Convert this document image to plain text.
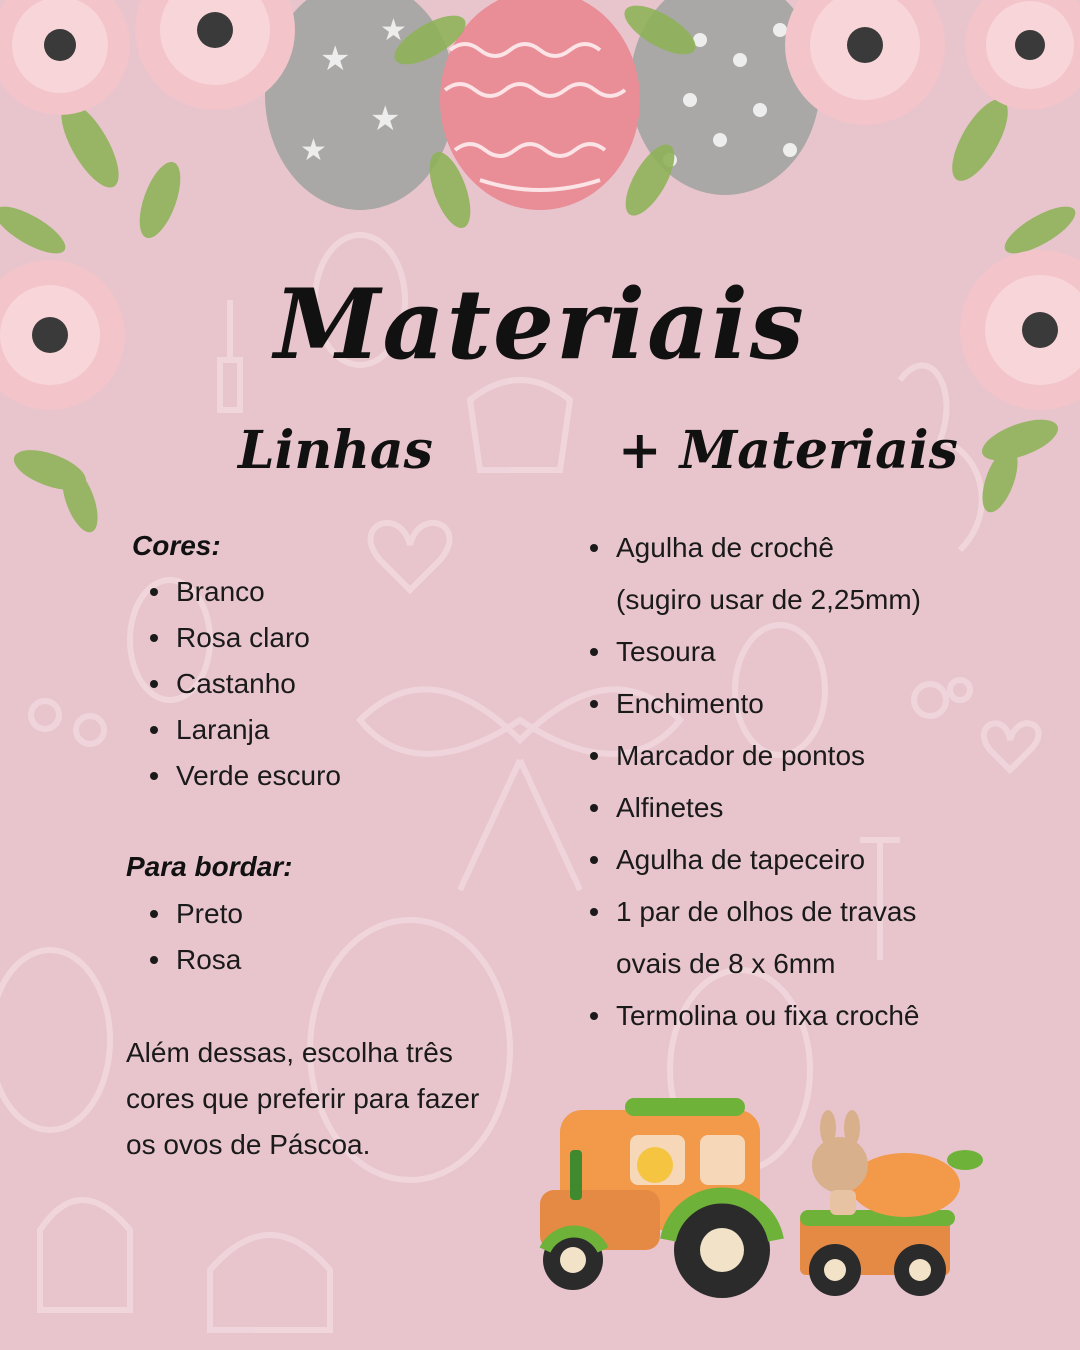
★
★
★
★
Materiais
Linhas	+ Materiais
Cores:
Branco
Rosa claro
Castanho
Laranja
Verde escuro
Para bordar:
Preto
Rosa
Além dessas, escolha três
cores que preferir para fazer
os ovos de Páscoa.
Agulha de crochê
(sugiro usar de 2,25mm)
Tesoura
Enchimento
Marcador de pontos
Alfinetes
Agulha de tapeceiro
1 par de olhos de travas
ovais de 8 x 6mm
Termolina ou fixa crochê
